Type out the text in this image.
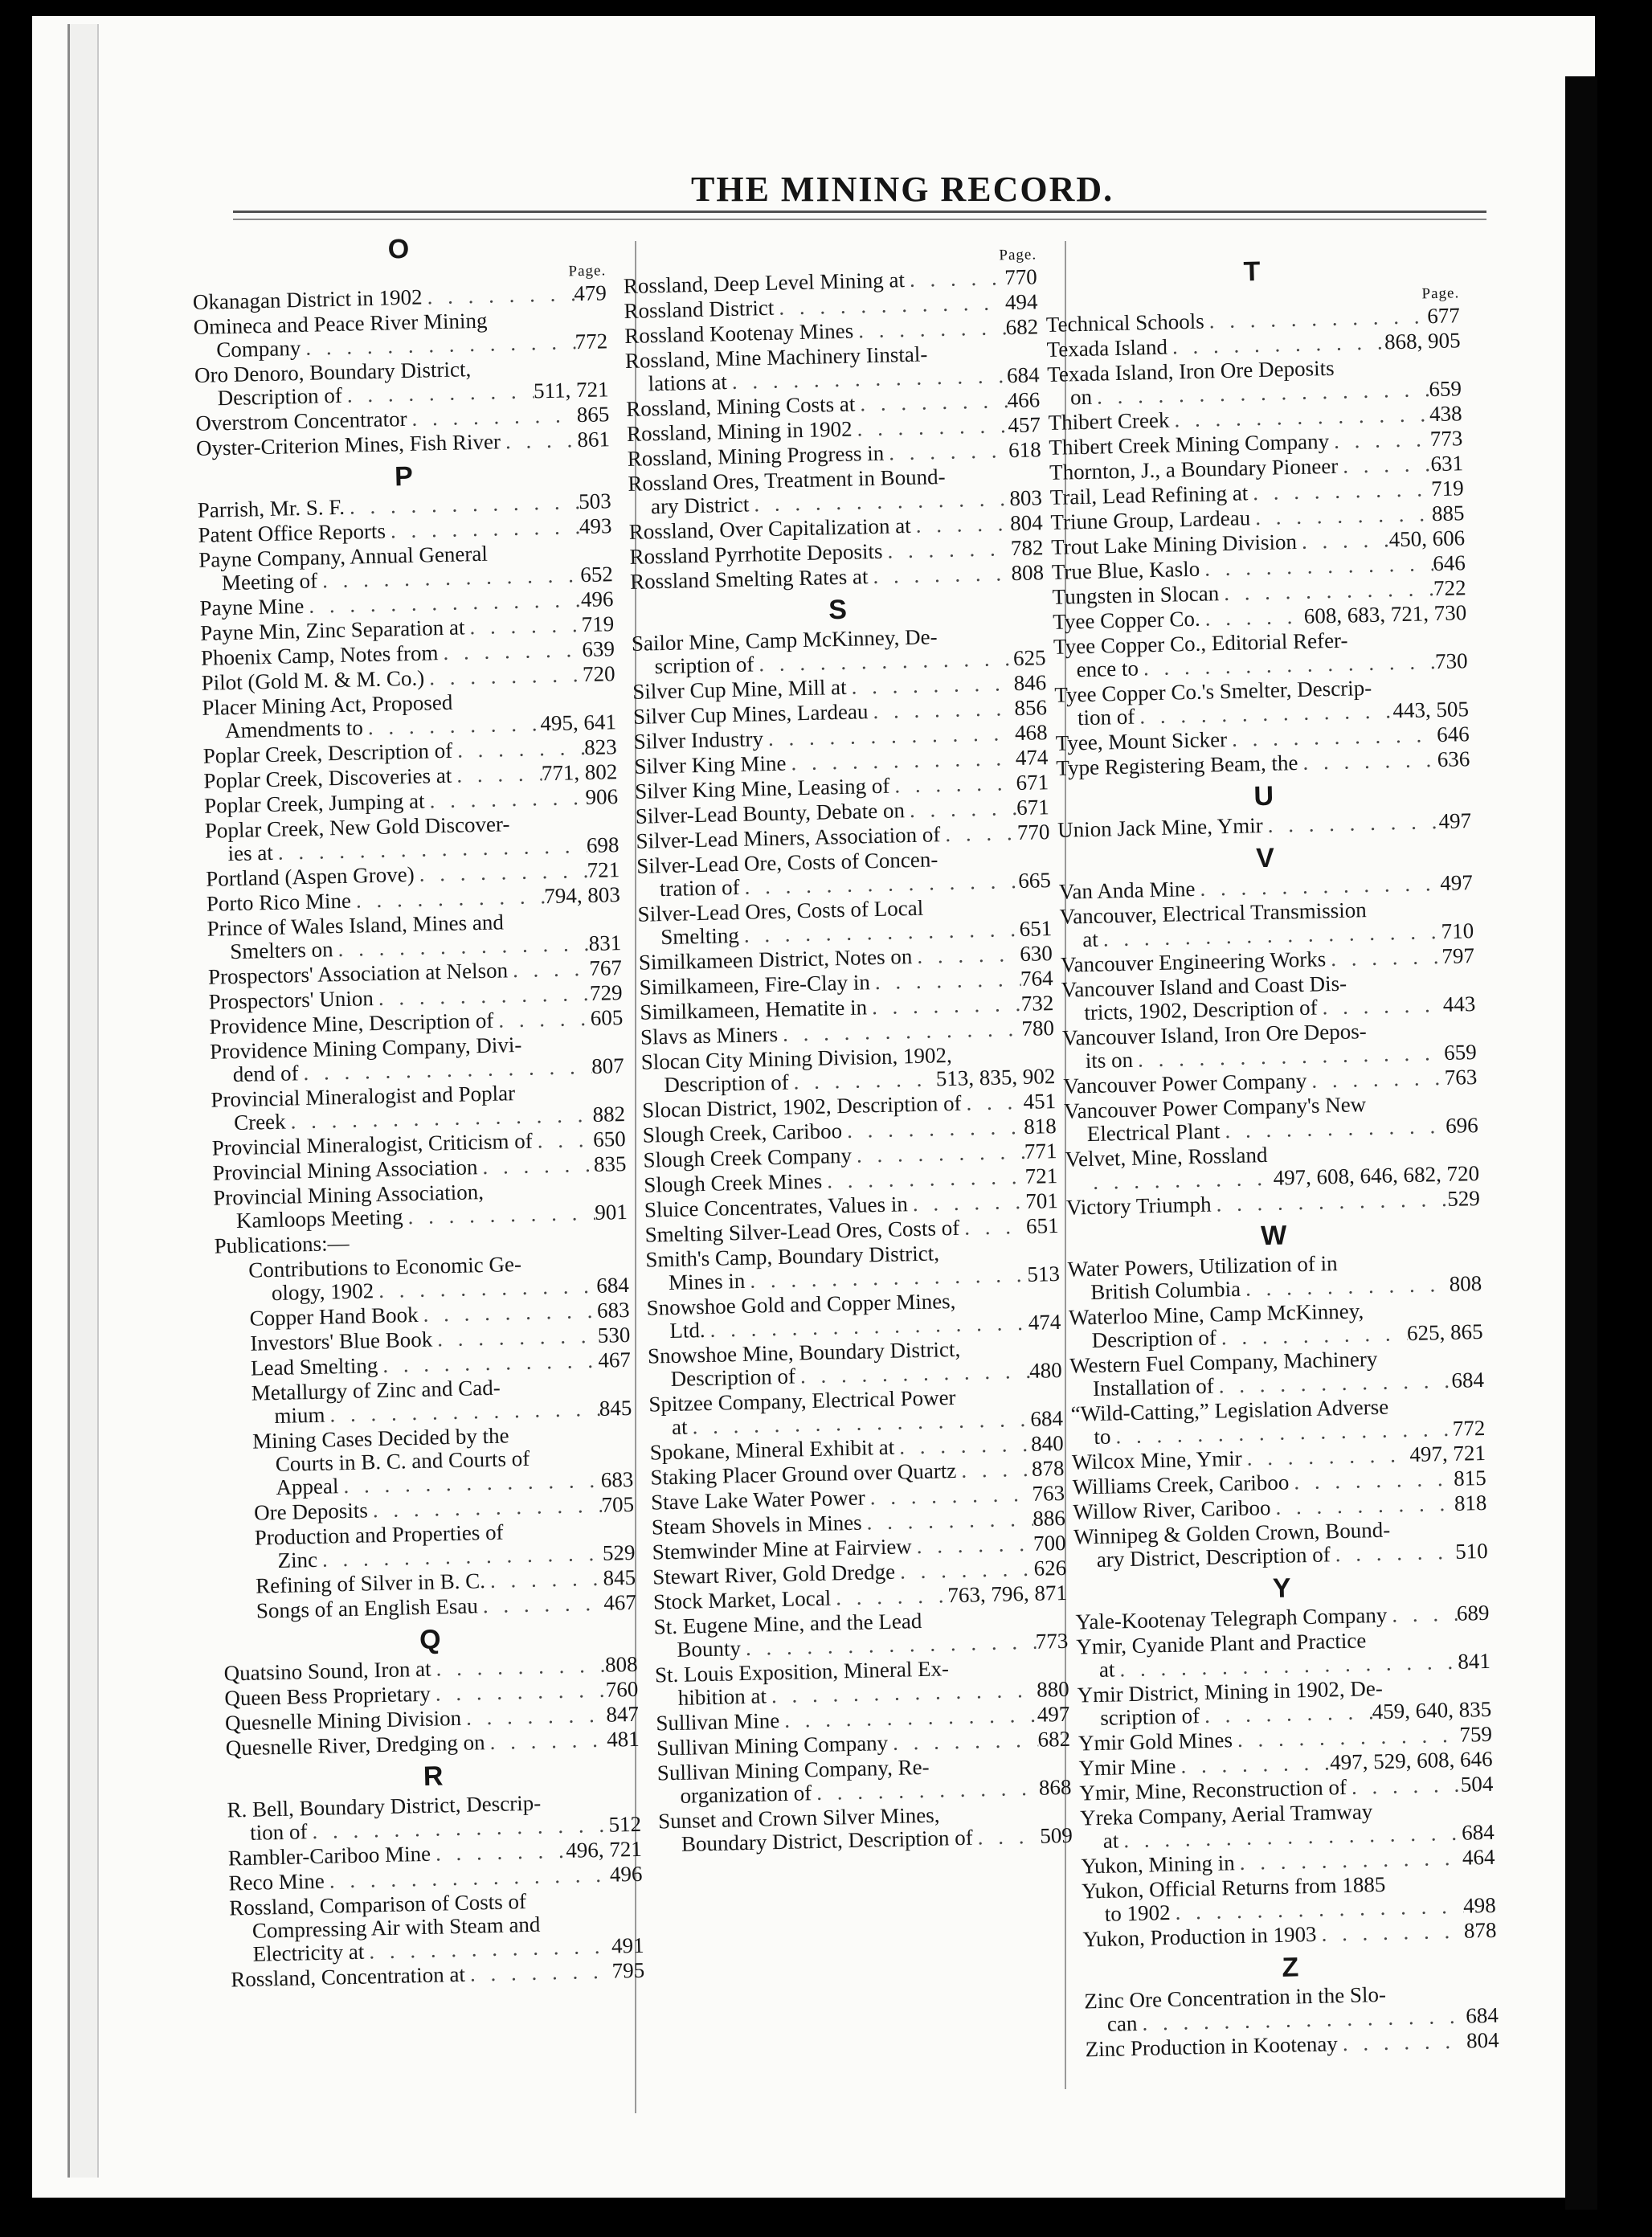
THE MINING RECORD.
O
Page.
Okanagan District in 1902 . . .	479
Omineca and Peace River Mining
Company . . .	772
Oro Denoro, Boundary District,
Description of . . .	511, 721
Overstrom Concentrator . . .	865
Oyster-Criterion Mines, Fish River . . .	861
P
Parrish, Mr. S. F. . . .	503
Patent Office Reports . . .	493
Payne Company, Annual General
Meeting of . . .	652
Payne Mine . . .	496
Payne Min, Zinc Separation at . . .	719
Phoenix Camp, Notes from . . .	639
Pilot (Gold M. & M. Co.) . . .	720
Placer Mining Act, Proposed
Amendments to . . .	495, 641
Poplar Creek, Description of . . .	823
Poplar Creek, Discoveries at . . .	771, 802
Poplar Creek, Jumping at . . .	906
Poplar Creek, New Gold Discover-
ies at . . .	698
Portland (Aspen Grove) . . .	721
Porto Rico Mine . . .	794, 803
Prince of Wales Island, Mines and
Smelters on . . .	831
Prospectors' Association at Nelson . . .	767
Prospectors' Union . . .	729
Providence Mine, Description of . . .	605
Providence Mining Company, Divi-
dend of . . .	807
Provincial Mineralogist and Poplar
Creek . . .	882
Provincial Mineralogist, Criticism of . . .	650
Provincial Mining Association . . .	835
Provincial Mining Association,
Kamloops Meeting . . .	901
Publications:—
Contributions to Economic Ge-
ology, 1902 . . .	684
Copper Hand Book . . .	683
Investors' Blue Book . . .	530
Lead Smelting . . .	467
Metallurgy of Zinc and Cad-
mium . . .	845
Mining Cases Decided by the
Courts in B. C. and Courts of
Appeal . . .	683
Ore Deposits . . .	705
Production and Properties of
Zinc . . .	529
Refining of Silver in B. C. . . .	845
Songs of an English Esau . . .	467
Q
Quatsino Sound, Iron at . . .	808
Queen Bess Proprietary . . .	760
Quesnelle Mining Division . . .	847
Quesnelle River, Dredging on . . .	481
R
R. Bell, Boundary District, Descrip-
tion of . . .	512
Rambler-Cariboo Mine . . .	496, 721
Reco Mine . . .	496
Rossland, Comparison of Costs of
Compressing Air with Steam and
Electricity at . . .	491
Rossland, Concentration at . . .	795
Page.
Rossland, Deep Level Mining at . . .	770
Rossland District . . .	494
Rossland Kootenay Mines . . .	682
Rossland, Mine Machinery Iinstal-
lations at . . .	684
Rossland, Mining Costs at . . .	466
Rossland, Mining in 1902 . . .	457
Rossland, Mining Progress in . . .	618
Rossland Ores, Treatment in Bound-
ary District . . .	803
Rossland, Over Capitalization at . . .	804
Rossland Pyrrhotite Deposits . . .	782
Rossland Smelting Rates at . . .	808
S
Sailor Mine, Camp McKinney, De-
scription of . . .	625
Silver Cup Mine, Mill at . . .	846
Silver Cup Mines, Lardeau . . .	856
Silver Industry . . .	468
Silver King Mine . . .	474
Silver King Mine, Leasing of . . .	671
Silver-Lead Bounty, Debate on . . .	671
Silver-Lead Miners, Association of . . .	770
Silver-Lead Ore, Costs of Concen-
tration of . . .	665
Silver-Lead Ores, Costs of Local
Smelting . . .	651
Similkameen District, Notes on . . .	630
Similkameen, Fire-Clay in . . .	764
Similkameen, Hematite in . . .	732
Slavs as Miners . . .	780
Slocan City Mining Division, 1902,
Description of . . .	513, 835, 902
Slocan District, 1902, Description of . . .	451
Slough Creek, Cariboo . . .	818
Slough Creek Company . . .	771
Slough Creek Mines . . .	721
Sluice Concentrates, Values in . . .	701
Smelting Silver-Lead Ores, Costs of . . .	651
Smith's Camp, Boundary District,
Mines in . . .	513
Snowshoe Gold and Copper Mines,
Ltd. . . .	474
Snowshoe Mine, Boundary District,
Description of . . .	480
Spitzee Company, Electrical Power
at . . .	684
Spokane, Mineral Exhibit at . . .	840
Staking Placer Ground over Quartz . . .	878
Stave Lake Water Power . . .	763
Steam Shovels in Mines . . .	886
Stemwinder Mine at Fairview . . .	700
Stewart River, Gold Dredge . . .	626
Stock Market, Local . . .	763, 796, 871
St. Eugene Mine, and the Lead
Bounty . . .	773
St. Louis Exposition, Mineral Ex-
hibition at . . .	880
Sullivan Mine . . .	497
Sullivan Mining Company . . .	682
Sullivan Mining Company, Re-
organization of . . .	868
Sunset and Crown Silver Mines,
Boundary District, Description of . . .	509
T
Page.
Technical Schools . . .	677
Texada Island . . .	868, 905
Texada Island, Iron Ore Deposits
on . . .	659
Thibert Creek . . .	438
Thibert Creek Mining Company . . .	773
Thornton, J., a Boundary Pioneer . . .	631
Trail, Lead Refining at . . .	719
Triune Group, Lardeau . . .	885
Trout Lake Mining Division . . .	450, 606
True Blue, Kaslo . . .	646
Tungsten in Slocan . . .	722
Tyee Copper Co. . . .	608, 683, 721, 730
Tyee Copper Co., Editorial Refer-
ence to . . .	730
Tyee Copper Co.'s Smelter, Descrip-
tion of . . .	443, 505
Tyee, Mount Sicker . . .	646
Type Registering Beam, the . . .	636
U
Union Jack Mine, Ymir . . .	497
V
Van Anda Mine . . .	497
Vancouver, Electrical Transmission
at . . .	710
Vancouver Engineering Works . . .	797
Vancouver Island and Coast Dis-
tricts, 1902, Description of . . .	443
Vancouver Island, Iron Ore Depos-
its on . . .	659
Vancouver Power Company . . .	763
Vancouver Power Company's New
Electrical Plant . . .	696
Velvet, Mine, Rossland
. . .
497, 608, 646, 682, 720
Victory Triumph . . .	529
W
Water Powers, Utilization of in
British Columbia . . .	808
Waterloo Mine, Camp McKinney,
Description of . . .	625, 865
Western Fuel Company, Machinery
Installation of . . .	684
“Wild-Catting,” Legislation Adverse
to . . .	772
Wilcox Mine, Ymir . . .	497, 721
Williams Creek, Cariboo . . .	815
Willow River, Cariboo . . .	818
Winnipeg & Golden Crown, Bound-
ary District, Description of . . .	510
Y
Yale-Kootenay Telegraph Company . . .	689
Ymir, Cyanide Plant and Practice
at . . .	841
Ymir District, Mining in 1902, De-
scription of . . .	459, 640, 835
Ymir Gold Mines . . .	759
Ymir Mine . . .	497, 529, 608, 646
Ymir, Mine, Reconstruction of . . .	504
Yreka Company, Aerial Tramway
at . . .	684
Yukon, Mining in . . .	464
Yukon, Official Returns from 1885
to 1902 . . .	498
Yukon, Production in 1903 . . .	878
Z
Zinc Ore Concentration in the Slo-
can . . .	684
Zinc Production in Kootenay . . .	804
